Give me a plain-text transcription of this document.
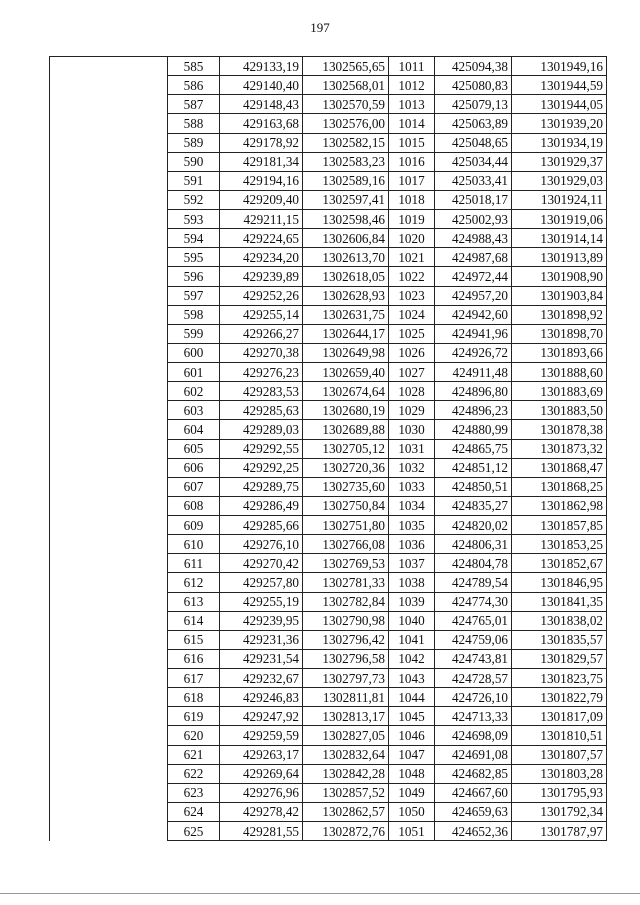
197
	585	429133,19	1302565,65	1011	425094,38	1301949,16
	586	429140,40	1302568,01	1012	425080,83	1301944,59
	587	429148,43	1302570,59	1013	425079,13	1301944,05
	588	429163,68	1302576,00	1014	425063,89	1301939,20
	589	429178,92	1302582,15	1015	425048,65	1301934,19
	590	429181,34	1302583,23	1016	425034,44	1301929,37
	591	429194,16	1302589,16	1017	425033,41	1301929,03
	592	429209,40	1302597,41	1018	425018,17	1301924,11
	593	429211,15	1302598,46	1019	425002,93	1301919,06
	594	429224,65	1302606,84	1020	424988,43	1301914,14
	595	429234,20	1302613,70	1021	424987,68	1301913,89
	596	429239,89	1302618,05	1022	424972,44	1301908,90
	597	429252,26	1302628,93	1023	424957,20	1301903,84
	598	429255,14	1302631,75	1024	424942,60	1301898,92
	599	429266,27	1302644,17	1025	424941,96	1301898,70
	600	429270,38	1302649,98	1026	424926,72	1301893,66
	601	429276,23	1302659,40	1027	424911,48	1301888,60
	602	429283,53	1302674,64	1028	424896,80	1301883,69
	603	429285,63	1302680,19	1029	424896,23	1301883,50
	604	429289,03	1302689,88	1030	424880,99	1301878,38
	605	429292,55	1302705,12	1031	424865,75	1301873,32
	606	429292,25	1302720,36	1032	424851,12	1301868,47
	607	429289,75	1302735,60	1033	424850,51	1301868,25
	608	429286,49	1302750,84	1034	424835,27	1301862,98
	609	429285,66	1302751,80	1035	424820,02	1301857,85
	610	429276,10	1302766,08	1036	424806,31	1301853,25
	611	429270,42	1302769,53	1037	424804,78	1301852,67
	612	429257,80	1302781,33	1038	424789,54	1301846,95
	613	429255,19	1302782,84	1039	424774,30	1301841,35
	614	429239,95	1302790,98	1040	424765,01	1301838,02
	615	429231,36	1302796,42	1041	424759,06	1301835,57
	616	429231,54	1302796,58	1042	424743,81	1301829,57
	617	429232,67	1302797,73	1043	424728,57	1301823,75
	618	429246,83	1302811,81	1044	424726,10	1301822,79
	619	429247,92	1302813,17	1045	424713,33	1301817,09
	620	429259,59	1302827,05	1046	424698,09	1301810,51
	621	429263,17	1302832,64	1047	424691,08	1301807,57
	622	429269,64	1302842,28	1048	424682,85	1301803,28
	623	429276,96	1302857,52	1049	424667,60	1301795,93
	624	429278,42	1302862,57	1050	424659,63	1301792,34
	625	429281,55	1302872,76	1051	424652,36	1301787,97
